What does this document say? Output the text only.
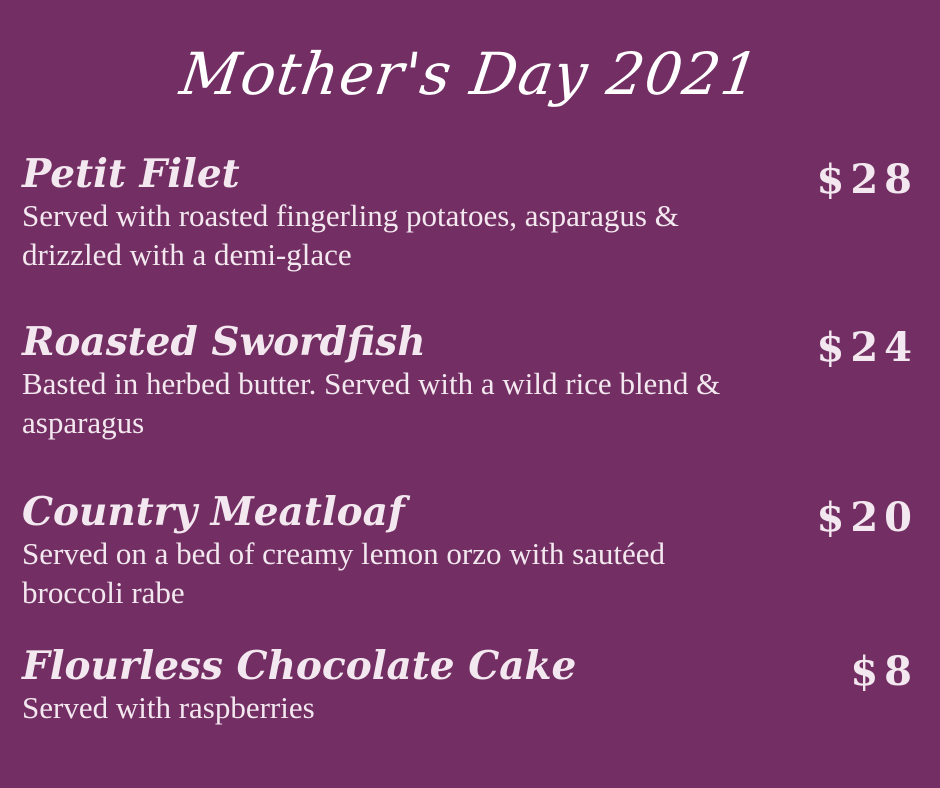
Mother's Day 2021
Petit Filet
Served with roasted fingerling potatoes, asparagus & drizzled with a demi-glace
$28
Roasted Swordfish
Basted in herbed butter. Served with a wild rice blend & asparagus
$24
Country Meatloaf
Served on a bed of creamy lemon orzo with sautéed broccoli rabe
$20
Flourless Chocolate Cake
Served with raspberries
$8
